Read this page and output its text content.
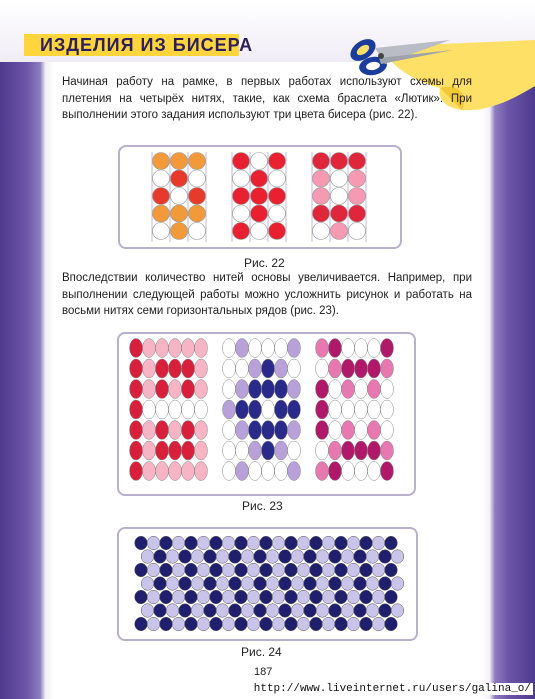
ИЗДЕЛИЯ ИЗ БИСЕРА
Начиная работу на рамке, в первых работах используют схемы для плетения на четырёх нитях, такие, как схема браслета «Лютик». При выполнении этого задания используют три цвета бисера (рис. 22).
Рис. 22
Впоследствии количество нитей основы увеличивается. Например, при выполнении следующей работы можно усложнить рисунок и работать на восьми нитях семи горизонтальных рядов (рис. 23).
Рис. 23
Рис. 24
187
http://www.liveinternet.ru/users/galina_o/
